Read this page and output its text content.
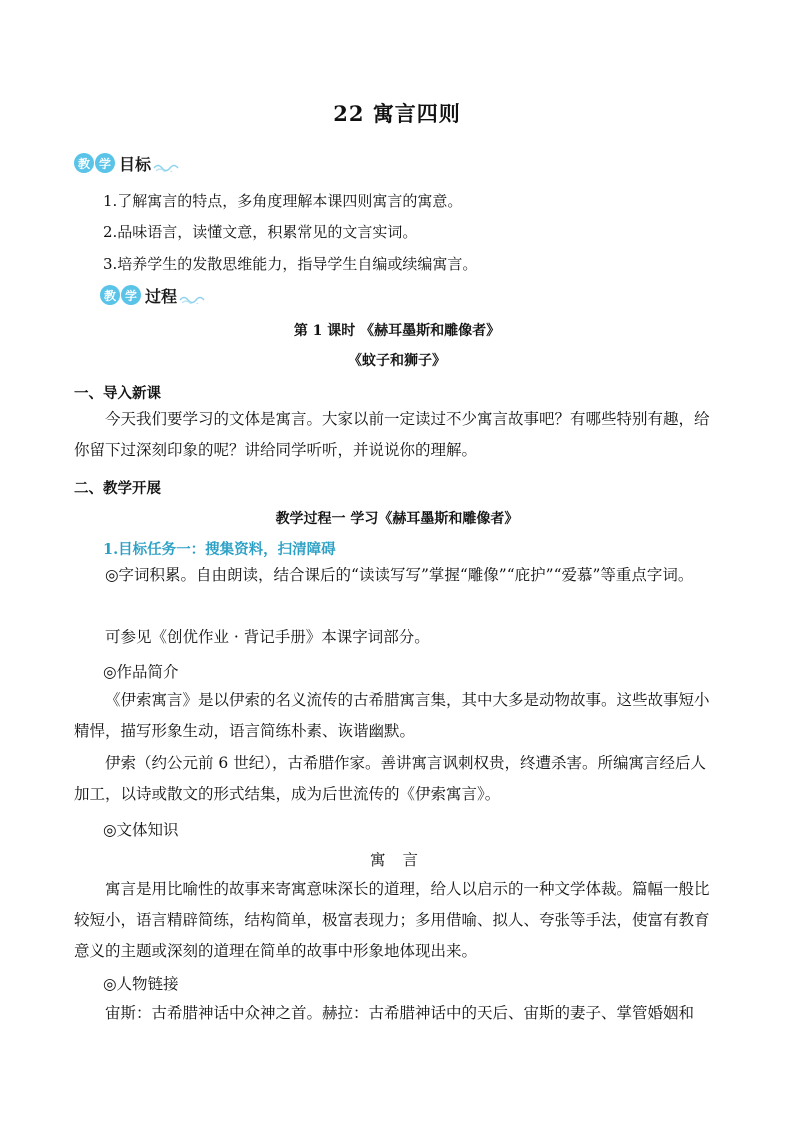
22 寓言四则
教 学 目标
1.了解寓言的特点，多角度理解本课四则寓言的寓意。
2.品味语言，读懂文意，积累常见的文言实词。
3.培养学生的发散思维能力，指导学生自编或续编寓言。
教 学 过程
第 1 课时 《赫耳墨斯和雕像者》
《蚊子和狮子》
一、导入新课
今天我们要学习的文体是寓言。大家以前一定读过不少寓言故事吧？有哪些特别有趣，给你留下过深刻印象的呢？讲给同学听听，并说说你的理解。
二、教学开展
教学过程一 学习《赫耳墨斯和雕像者》
1.目标任务一：搜集资料，扫清障碍
◎字词积累。自由朗读，结合课后的“读读写写”掌握“雕像”“庇护”“爱慕”等重点字词。
可参见《创优作业 · 背记手册》本课字词部分。
◎作品简介
《伊索寓言》是以伊索的名义流传的古希腊寓言集，其中大多是动物故事。这些故事短小精悍，描写形象生动，语言简练朴素、诙谐幽默。
伊索（约公元前 6 世纪），古希腊作家。善讲寓言讽刺权贵，终遭杀害。所编寓言经后人加工，以诗或散文的形式结集，成为后世流传的《伊索寓言》。
◎文体知识
寓 言
寓言是用比喻性的故事来寄寓意味深长的道理，给人以启示的一种文学体裁。篇幅一般比较短小，语言精辟简练，结构简单，极富表现力；多用借喻、拟人、夸张等手法，使富有教育意义的主题或深刻的道理在简单的故事中形象地体现出来。
◎人物链接
宙斯：古希腊神话中众神之首。赫拉：古希腊神话中的天后、宙斯的妻子、掌管婚姻和
